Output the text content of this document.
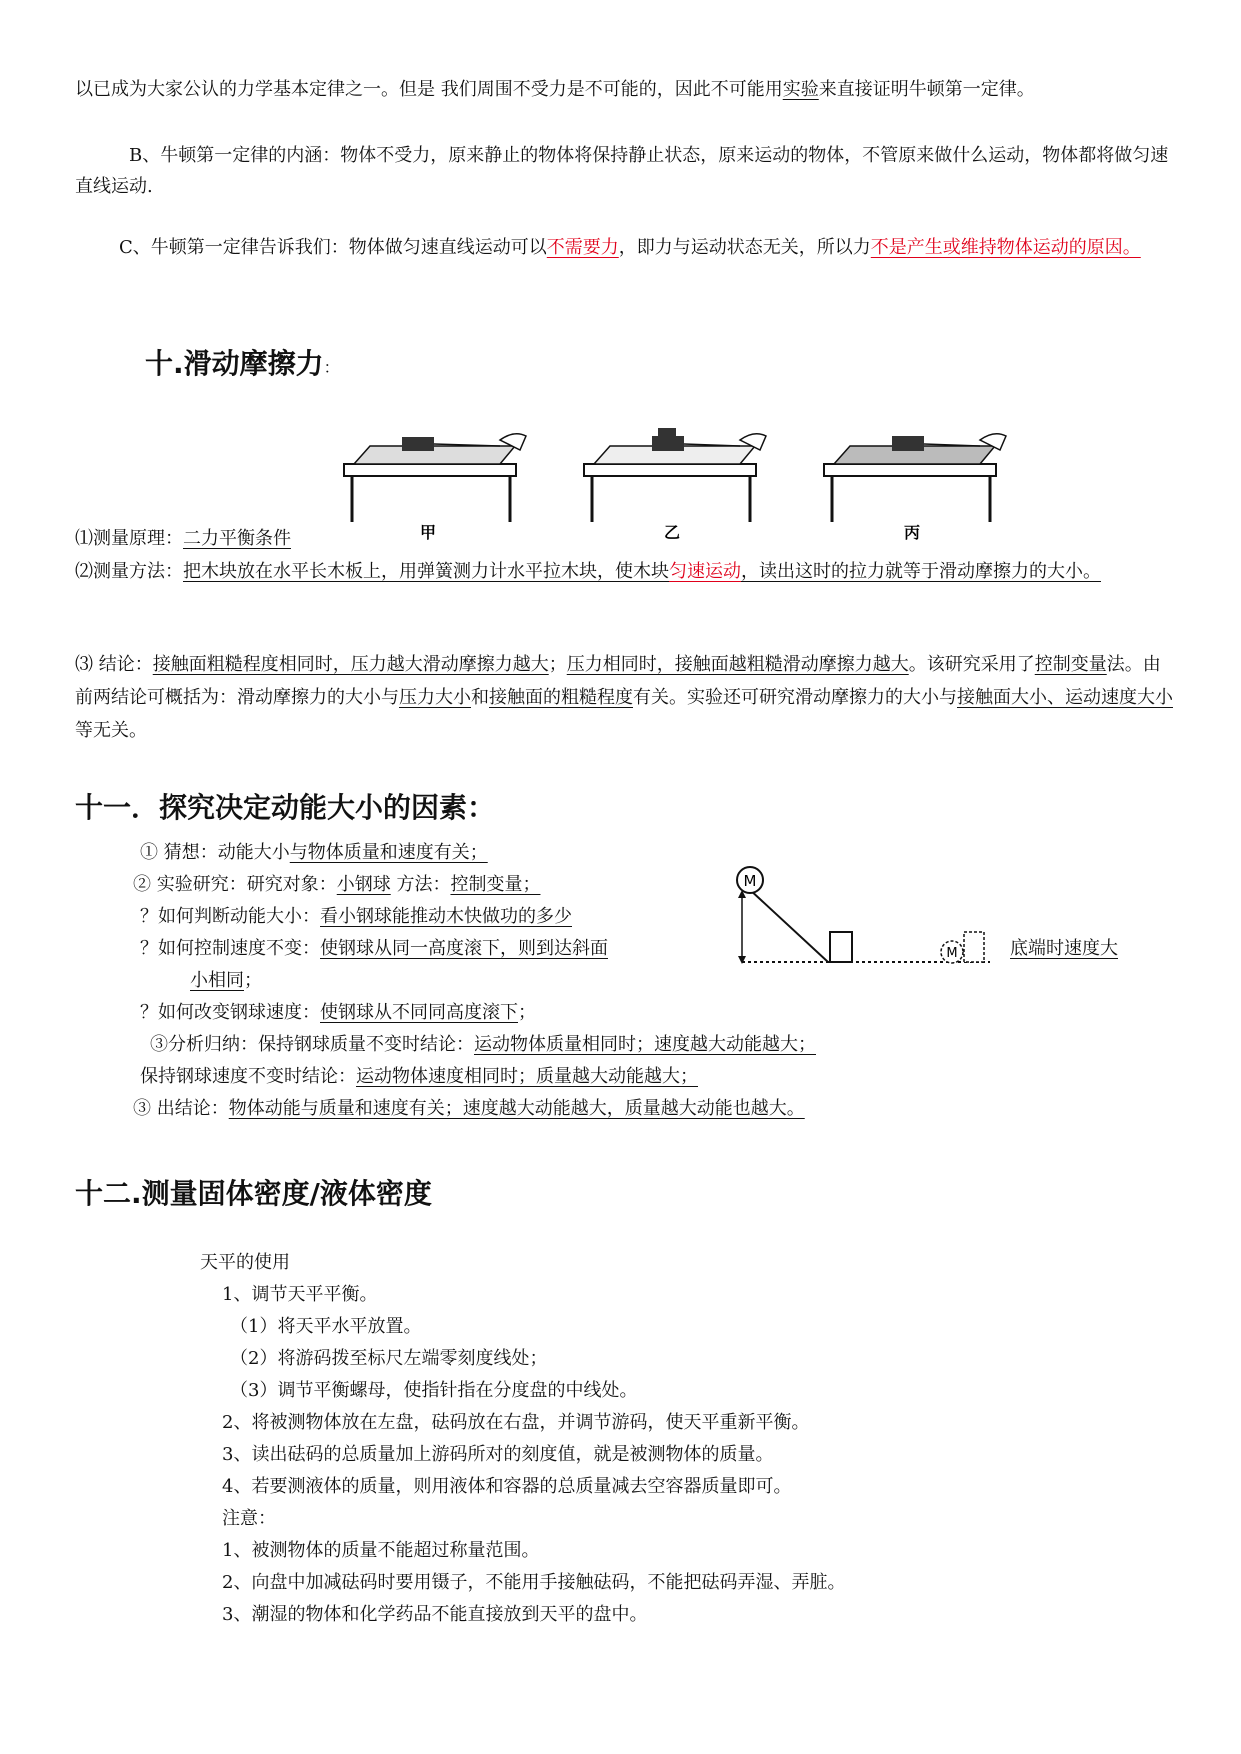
以已成为大家公认的力学基本定律之一。但是 我们周围不受力是不可能的，因此不可能用实验来直接证明牛顿第一定律。
B、牛顿第一定律的内涵：物体不受力，原来静止的物体将保持静止状态，原来运动的物体，不管原来做什么运动，物体都将做匀速直线运动.
C、牛顿第一定律告诉我们：物体做匀速直线运动可以不需要力，即力与运动状态无关，所以力不是产生或维持物体运动的原因。
十.滑动摩擦力：
甲	乙	丙
⑴测量原理：二力平衡条件
⑵测量方法：把木块放在水平长木板上，用弹簧测力计水平拉木块，使木块匀速运动，读出这时的拉力就等于滑动摩擦力的大小。
⑶ 结论：接触面粗糙程度相同时，压力越大滑动摩擦力越大；压力相同时，接触面越粗糙滑动摩擦力越大。该研究采用了控制变量法。由前两结论可概括为：滑动摩擦力的大小与压力大小和接触面的粗糙程度有关。实验还可研究滑动摩擦力的大小与接触面大小、运动速度大小等无关。
十一．探究决定动能大小的因素：
① 猜想：动能大小与物体质量和速度有关；
② 实验研究：研究对象：小钢球 方法：控制变量；
？如何判断动能大小：看小钢球能推动木快做功的多少
？如何控制速度不变：使钢球从同一高度滚下，则到达斜面	底端时速度大
小相同；
M
M
？如何改变钢球速度：使钢球从不同同高度滚下；
③分析归纳：保持钢球质量不变时结论：运动物体质量相同时；速度越大动能越大；
保持钢球速度不变时结论：运动物体速度相同时；质量越大动能越大；
③ 出结论：物体动能与质量和速度有关；速度越大动能越大，质量越大动能也越大。
十二.测量固体密度/液体密度
天平的使用
1、调节天平平衡。
（1）将天平水平放置。
（2）将游码拨至标尺左端零刻度线处；
（3）调节平衡螺母，使指针指在分度盘的中线处。
2、将被测物体放在左盘，砝码放在右盘，并调节游码，使天平重新平衡。
3、读出砝码的总质量加上游码所对的刻度值，就是被测物体的质量。
4、若要测液体的质量，则用液体和容器的总质量减去空容器质量即可。
注意：
1、被测物体的质量不能超过称量范围。
2、向盘中加减砝码时要用镊子，不能用手接触砝码，不能把砝码弄湿、弄脏。
3、潮湿的物体和化学药品不能直接放到天平的盘中。
